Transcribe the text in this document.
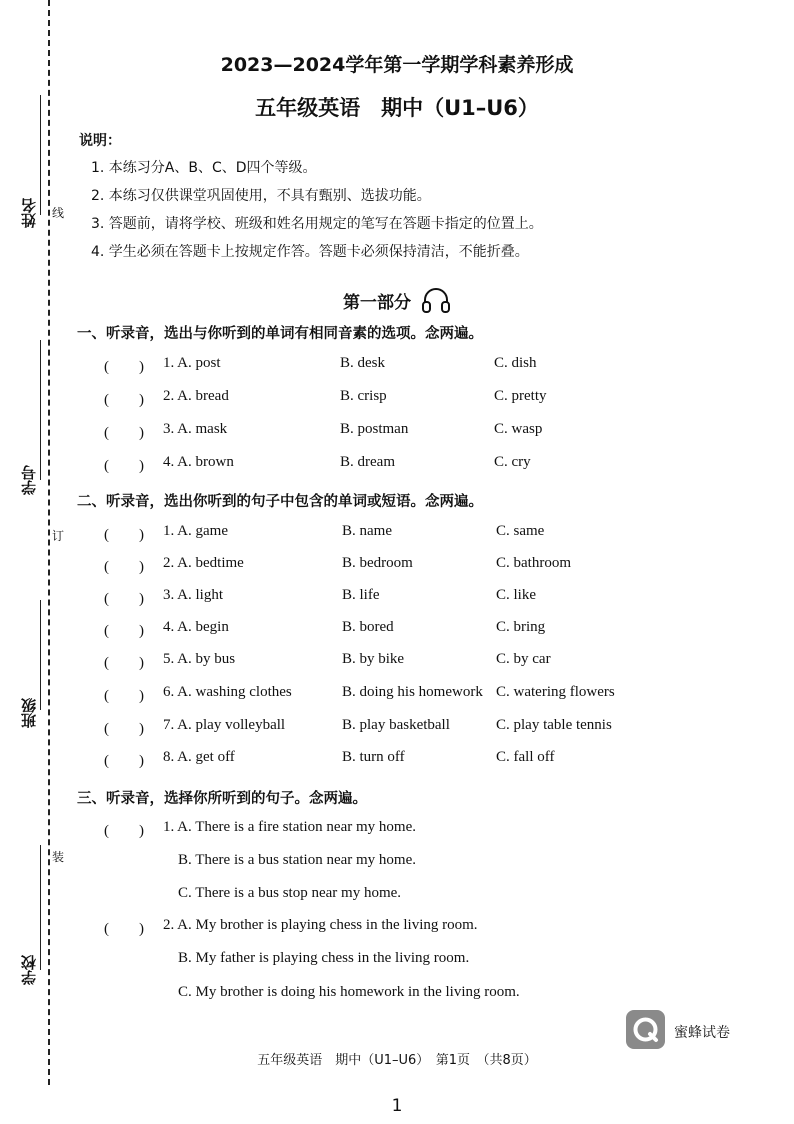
线
订
装
姓名
学号
班级
学校
2023—2024学年第一学期学科素养形成
五年级英语　期中（U1–U6）
说明：
1. 本练习分A、B、C、D四个等级。
2. 本练习仅供课堂巩固使用，不具有甄别、选拔功能。
3. 答题前，请将学校、班级和姓名用规定的笔写在答题卡指定的位置上。
4. 学生必须在答题卡上按规定作答。答题卡必须保持清洁，不能折叠。
第一部分
一、听录音，选出与你听到的单词有相同音素的选项。念两遍。
(　　) 1. A. post	B. desk	C. dish
(　　) 2. A. bread	B. crisp	C. pretty
(　　) 3. A. mask	B. postman	C. wasp
(　　) 4. A. brown	B. dream	C. cry
二、听录音，选出你听到的句子中包含的单词或短语。念两遍。
(　　) 1. A. game	B. name	C. same
(　　) 2. A. bedtime	B. bedroom	C. bathroom
(　　) 3. A. light	B. life	C. like
(　　) 4. A. begin	B. bored	C. bring
(　　) 5. A. by bus	B. by bike	C. by car
(　　) 6. A. washing clothes	B. doing his homework C. watering flowers
(　　) 7. A. play volleyball	B. play basketball	C. play table tennis
(　　) 8. A. get off	B. turn off	C. fall off
三、听录音，选择你所听到的句子。念两遍。
(　　) 1. A. There is a fire station near my home.
B. There is a bus station near my home.
C. There is a bus stop near my home.
(　　) 2. A. My brother is playing chess in the living room.
B. My father is playing chess in the living room.
C. My brother is doing his homework in the living room.
蜜蜂试卷
五年级英语　期中（U1–U6）　第1页　（共8页）
1
